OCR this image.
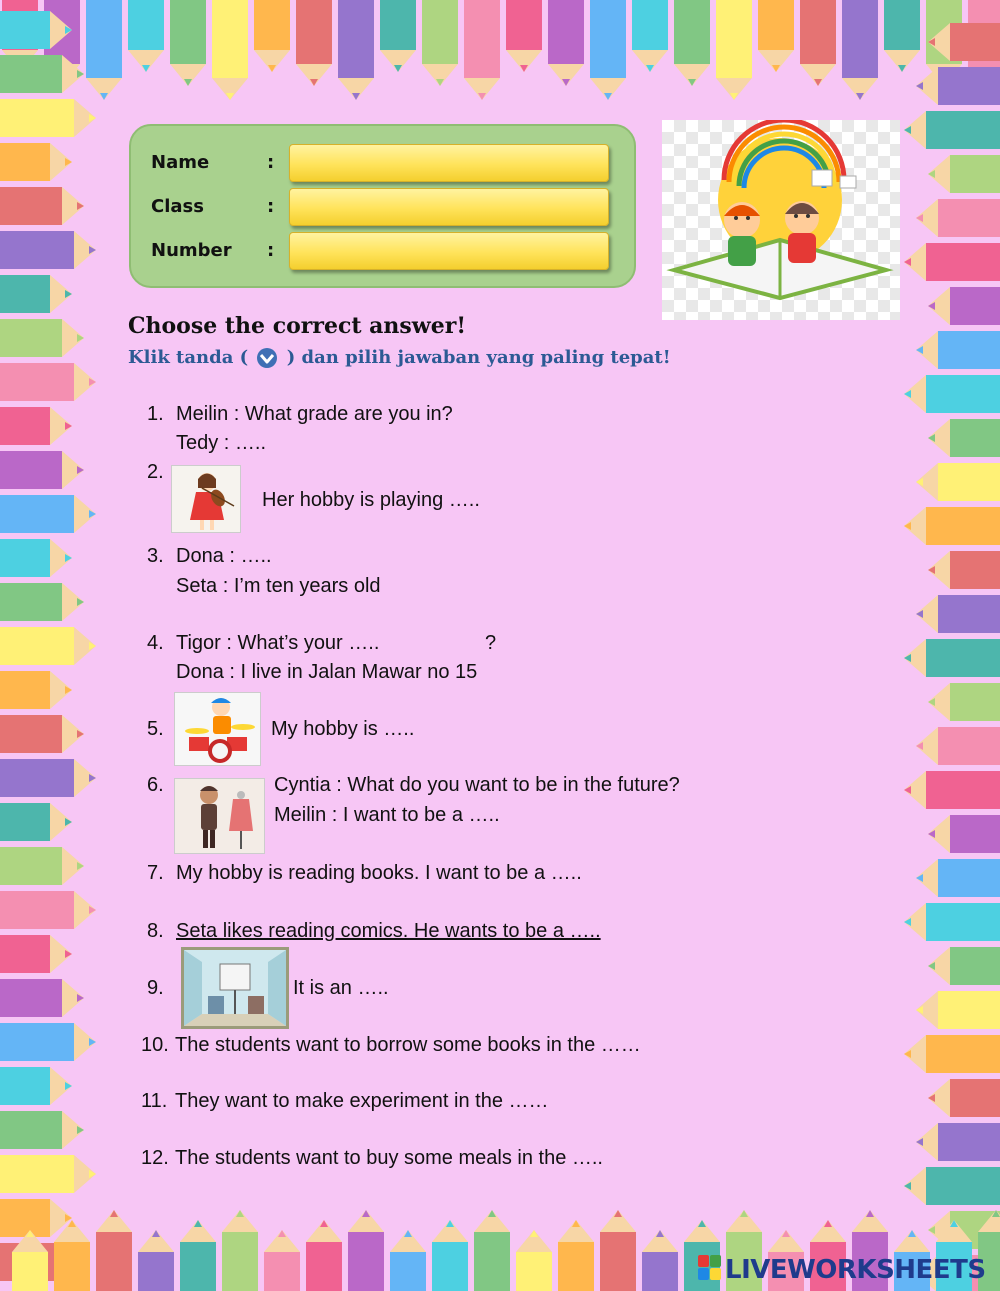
Name	:
Class	:
Number :
Choose the correct answer!
Klik tanda ( ) dan pilih jawaban yang paling tepat!
1. Meilin : What grade are you in?
Tedy : …..
2.
Her hobby is playing …..
3. Dona : …..
Seta : I’m ten years old
4. Tigor : What’s your …..	?
Dona : I live in Jalan Mawar no 15
5.	My hobby is …..
6.	Cyntia : What do you want to be in the future?
Meilin : I want to be a …..
7. My hobby is reading books. I want to be a …..
8. Seta likes reading comics. He wants to be a …..
9.	It is an …..
10. The students want to borrow some books in the ……
11. They want to make experiment in the ……
12. The students want to buy some meals in the …..
LIVEWORKSHEETS
